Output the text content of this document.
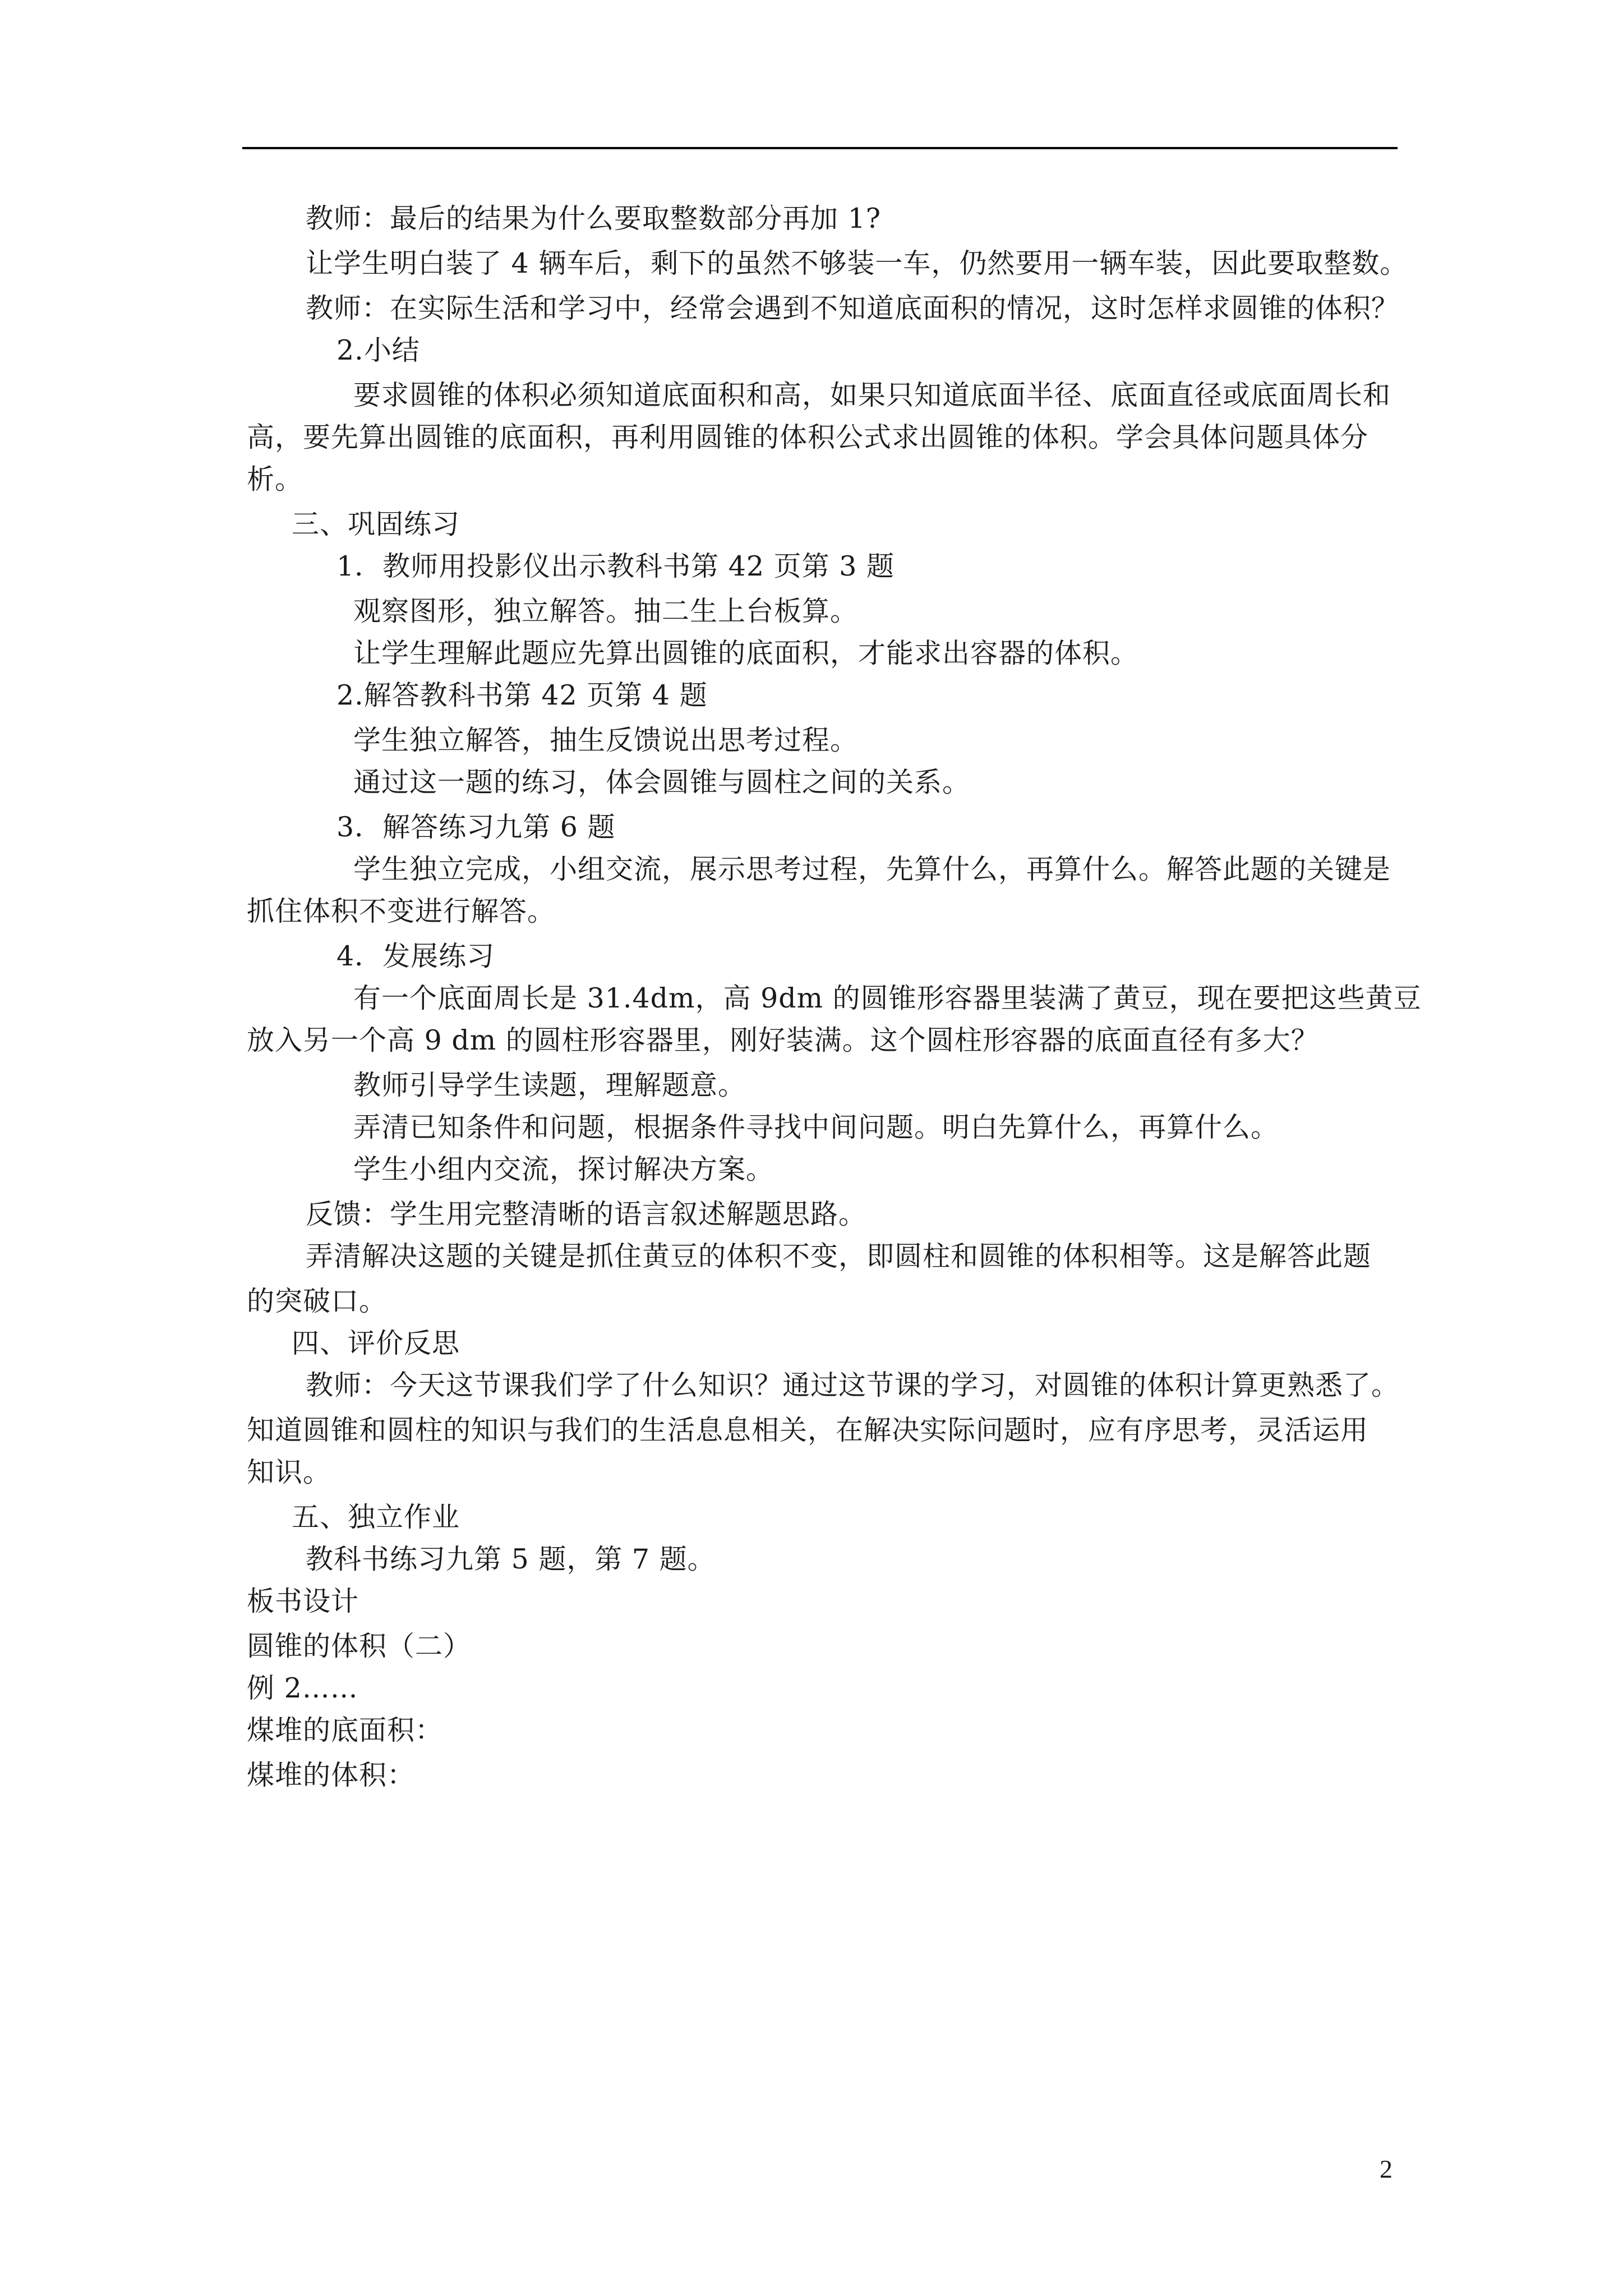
教师：最后的结果为什么要取整数部分再加 1?
让学生明白装了 4 辆车后，剩下的虽然不够装一车，仍然要用一辆车装，因此要取整数。
教师：在实际生活和学习中，经常会遇到不知道底面积的情况，这时怎样求圆锥的体积？
2.小结
要求圆锥的体积必须知道底面积和高，如果只知道底面半径、底面直径或底面周长和
高，要先算出圆锥的底面积，再利用圆锥的体积公式求出圆锥的体积。学会具体问题具体分
析。
三、巩固练习
1．教师用投影仪出示教科书第 42 页第 3 题
观察图形，独立解答。抽二生上台板算。
让学生理解此题应先算出圆锥的底面积，才能求出容器的体积。
2.解答教科书第 42 页第 4 题
学生独立解答，抽生反馈说出思考过程。
通过这一题的练习，体会圆锥与圆柱之间的关系。
3．解答练习九第 6 题
学生独立完成，小组交流，展示思考过程，先算什么，再算什么。解答此题的关键是
抓住体积不变进行解答。
4．发展练习
有一个底面周长是 31.4dm，高 9dm 的圆锥形容器里装满了黄豆，现在要把这些黄豆
放入另一个高 9 dm 的圆柱形容器里，刚好装满。这个圆柱形容器的底面直径有多大？
教师引导学生读题，理解题意。
弄清已知条件和问题，根据条件寻找中间问题。明白先算什么，再算什么。
学生小组内交流，探讨解决方案。
反馈：学生用完整清晰的语言叙述解题思路。
弄清解决这题的关键是抓住黄豆的体积不变，即圆柱和圆锥的体积相等。这是解答此题
的突破口。
四、评价反思
教师：今天这节课我们学了什么知识？通过这节课的学习，对圆锥的体积计算更熟悉了。
知道圆锥和圆柱的知识与我们的生活息息相关，在解决实际问题时，应有序思考，灵活运用
知识。
五、独立作业
教科书练习九第 5 题，第 7 题。
板书设计
圆锥的体积（二）
例 2……
煤堆的底面积：
煤堆的体积：
2
